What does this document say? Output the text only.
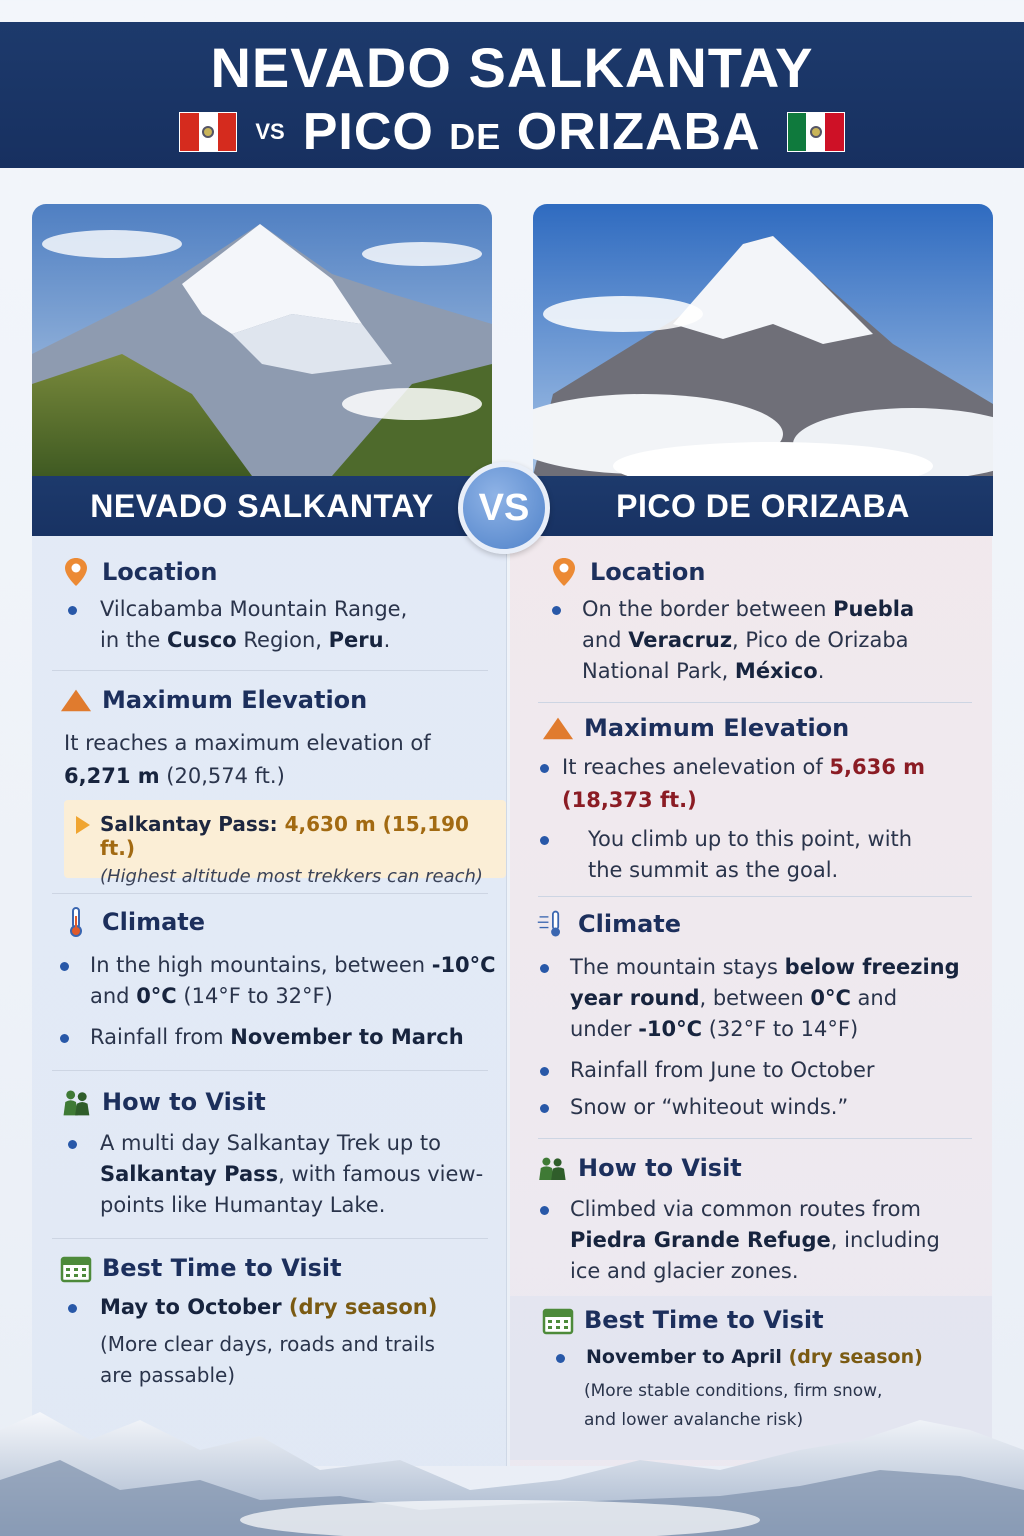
NEVADO SALKANTAY
VS PICO DE ORIZABA
NEVADO SALKANTAY	PICO DE ORIZABA
VS
Location
Vilcabamba Mountain Range,
in the Cusco Region, Peru.
Maximum Elevation
It reaches a maximum elevation of
6,271 m (20,574 ft.)
Salkantay Pass: 4,630 m (15,190 ft.)
(Highest altitude most trekkers can reach)
Climate
In the high mountains, between -10°C
and 0°C (14°F to 32°F)
Rainfall from November to March
How to Visit
A multi day Salkantay Trek up to
Salkantay Pass, with famous view-
points like Humantay Lake.
Best Time to Visit
May to October (dry season)
(More clear days, roads and trails
are passable)
Location
On the border between Puebla
and Veracruz, Pico de Orizaba
National Park, México.
Maximum Elevation
It reaches anelevation of 5,636 m
(18,373 ft.)
You climb up to this point, with
the summit as the goal.
Climate
The mountain stays below freezing
year round, between 0°C and
under -10°C (32°F to 14°F)
Rainfall from June to October
Snow or “whiteout winds.”
How to Visit
Climbed via common routes from
Piedra Grande Refuge, including
ice and glacier zones.
Best Time to Visit
November to April (dry season)
(More stable conditions, firm snow,
and lower avalanche risk)
